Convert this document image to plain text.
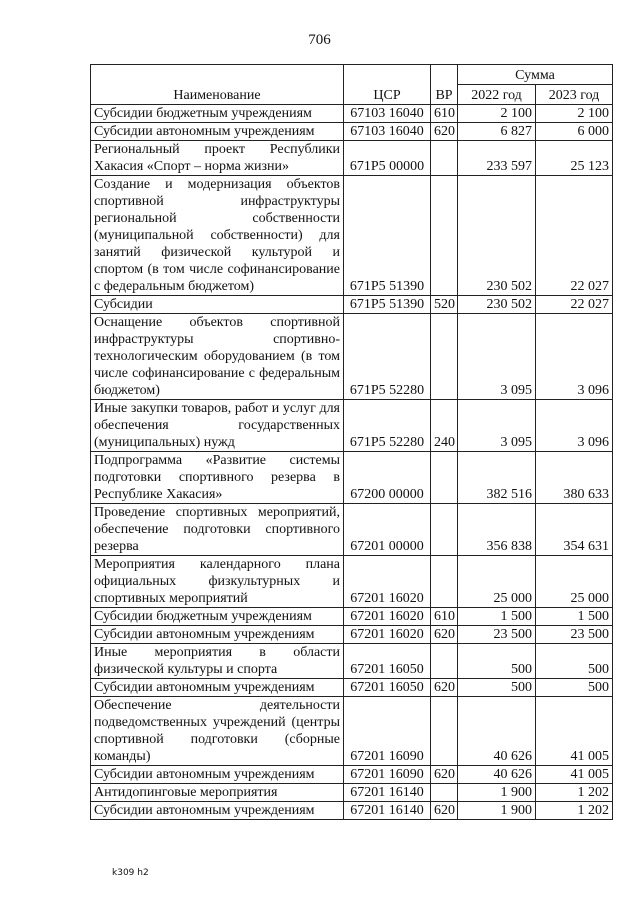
706
Наименование	ЦСР	ВР	Сумма	
			2022 год	2023 год
Субсидии бюджетным учреждениям	67103 16040	610	2 100	2 100
Субсидии автономным учреждениям	67103 16040	620	6 827	6 000
Региональный проект Республики Хакасия «Спорт – норма жизни»	671P5 00000		233 597	25 123
Создание и модернизация объектов спортивной инфраструктуры региональной собственности (муниципальной собственности) для занятий физической культурой и спортом (в том числе софинансирование с федеральным бюджетом)	671P5 51390		230 502	22 027
Субсидии	671P5 51390	520	230 502	22 027
Оснащение объектов спортивной инфраструктуры спортивно-технологическим оборудованием (в том числе софинансирование с федеральным бюджетом)	671P5 52280		3 095	3 096
Иные закупки товаров, работ и услуг для обеспечения государственных (муниципальных) нужд	671P5 52280	240	3 095	3 096
Подпрограмма «Развитие системы подготовки спортивного резерва в Республике Хакасия»	67200 00000		382 516	380 633
Проведение спортивных мероприятий, обеспечение подготовки спортивного резерва	67201 00000		356 838	354 631
Мероприятия календарного плана официальных физкультурных и спортивных мероприятий	67201 16020		25 000	25 000
Субсидии бюджетным учреждениям	67201 16020	610	1 500	1 500
Субсидии автономным учреждениям	67201 16020	620	23 500	23 500
Иные мероприятия в области физической культуры и спорта	67201 16050		500	500
Субсидии автономным учреждениям	67201 16050	620	500	500
Обеспечение деятельности подведомственных учреждений (центры спортивной подготовки (сборные команды)	67201 16090		40 626	41 005
Субсидии автономным учреждениям	67201 16090	620	40 626	41 005
Антидопинговые мероприятия	67201 16140		1 900	1 202
Субсидии автономным учреждениям	67201 16140	620	1 900	1 202
k309 h2
